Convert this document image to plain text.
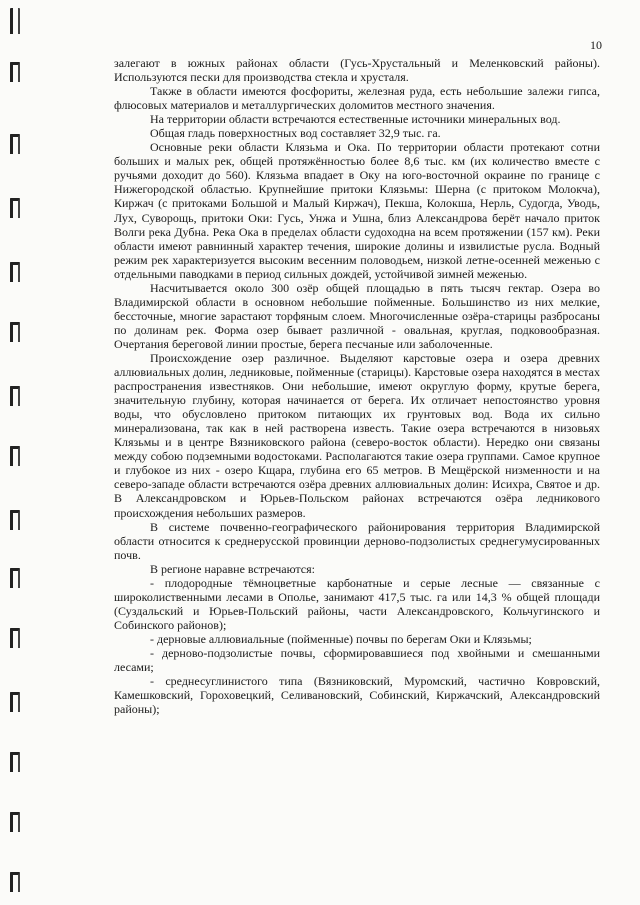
10

залегают в южных районах области (Гусь-Хрустальный и Меленковский районы). Используются пески для производства стекла и хрусталя.

Также в области имеются фосфориты, железная руда, есть небольшие залежи гипса, флюсовых материалов и металлургических доломитов местного значения.

На территории области встречаются естественные источники минеральных вод.

Общая гладь поверхностных вод составляет 32,9 тыс. га.

Основные реки области Клязьма и Ока. По территории области протекают сотни больших и малых рек, общей протяжённостью более 8,6 тыс. км (их количество вместе с ручьями доходит до 560). Клязьма впадает в Оку на юго-восточной окраине по границе с Нижегородской областью. Крупнейшие притоки Клязьмы: Шерна (с притоком Молокча), Киржач (с притоками Большой и Малый Киржач), Пекша, Колокша, Нерль, Судогда, Уводь, Лух, Суворощь, притоки Оки: Гусь, Унжа и Ушна, близ Александрова берёт начало приток Волги река Дубна. Река Ока в пределах области судоходна на всем протяжении (157 км). Реки области имеют равнинный характер течения, широкие долины и извилистые русла. Водный режим рек характеризуется высоким весенним половодьем, низкой летне-осенней меженью с отдельными паводками в период сильных дождей, устойчивой зимней меженью.

Насчитывается около 300 озёр общей площадью в пять тысяч гектар. Озера во Владимирской области в основном небольшие пойменные. Большинство из них мелкие, бессточные, многие зарастают торфяным слоем. Многочисленные озёра-старицы разбросаны по долинам рек. Форма озер бывает различной - овальная, круглая, подковообразная. Очертания береговой линии простые, берега песчаные или заболоченные.

Происхождение озер различное. Выделяют карстовые озера и озера древних аллювиальных долин, ледниковые, пойменные (старицы). Карстовые озера находятся в местах распространения известняков. Они небольшие, имеют округлую форму, крутые берега, значительную глубину, которая начинается от берега. Их отличает непостоянство уровня воды, что обусловлено притоком питающих их грунтовых вод. Вода их сильно минерализована, так как в ней растворена известь. Такие озера встречаются в низовьях Клязьмы и в центре Вязниковского района (северо-восток области). Нередко они связаны между собою подземными водостоками. Располагаются такие озера группами. Самое крупное и глубокое из них - озеро Кщара, глубина его 65 метров. В Мещёрской низменности и на северо-западе области встречаются озёра древних аллювиальных долин: Исихра, Святое и др. В Александровском и Юрьев-Польском районах встречаются озёра ледникового происхождения небольших размеров.

В системе почвенно-географического районирования территория Владимирской области относится к среднерусской провинции дерново-подзолистых среднегумусированных почв.

В регионе наравне встречаются:

- плодородные тёмноцветные карбонатные и серые лесные — связанные с широколиственными лесами в Ополье, занимают 417,5 тыс. га или 14,3 % общей площади (Суздальский и Юрьев-Польский районы, части Александровского, Кольчугинского и Собинского районов);

- дерновые аллювиальные (пойменные) почвы по берегам Оки и Клязьмы;

- дерново-подзолистые почвы, сформировавшиеся под хвойными и смешанными лесами;

- среднесуглинистого типа (Вязниковский, Муромский, частично Ковровский, Камешковский, Гороховецкий, Селивановский, Собинский, Киржачский, Александровский районы);
